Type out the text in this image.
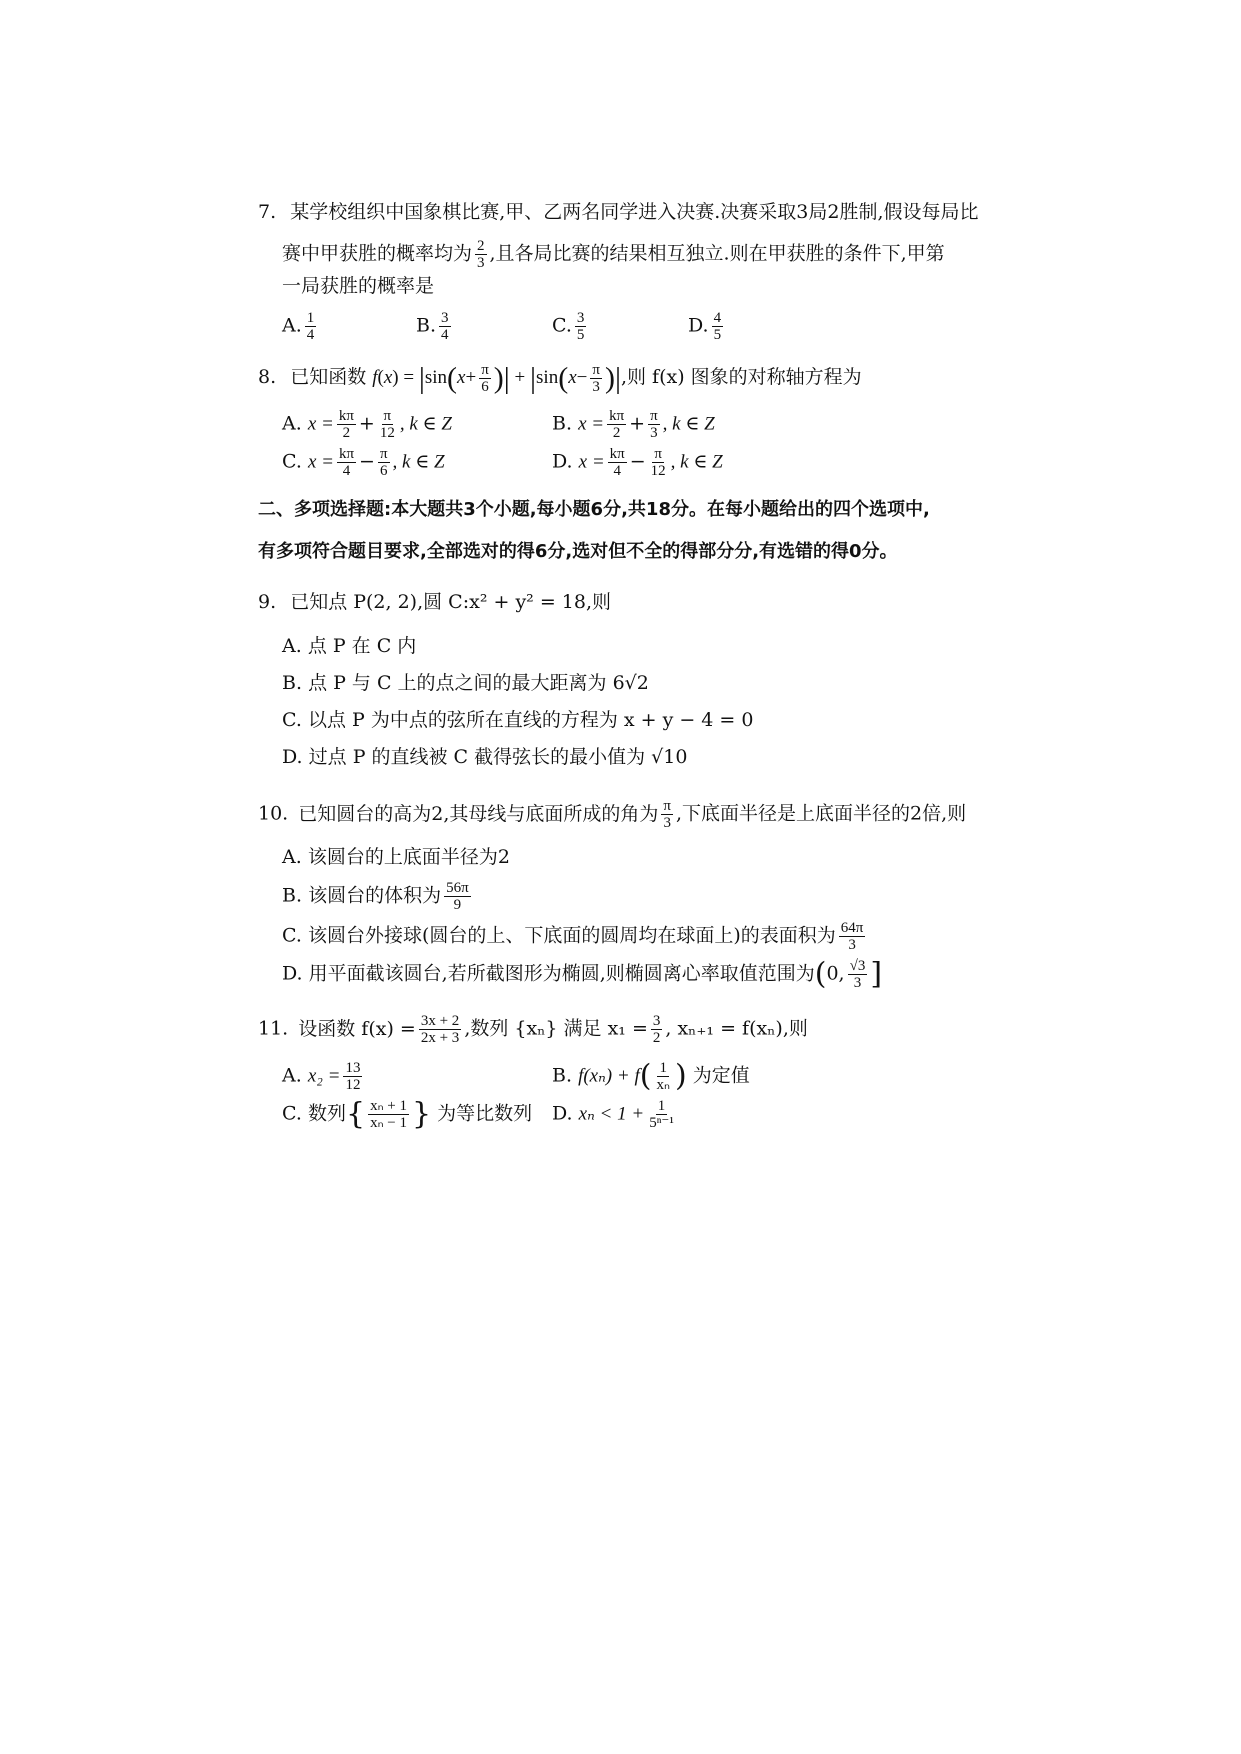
7. 某学校组织中国象棋比赛,甲、乙两名同学进入决赛.决赛采取3局2胜制,假设每局比
赛中甲获胜的概率均为 $\frac{2}{3}$ ,且各局比赛的结果相互独立.则在甲获胜的条件下,甲第
一局获胜的概率是
A. $\frac{1}{4}$	B. $\frac{3}{4}$	C. $\frac{3}{5}$	D. $\frac{4}{5}$
8. 已知函数 $f(x) = |\sin(x+ \frac{\pi}{6}$ )| + $|\sin(x- \frac{\pi}{3}$ )|,则 f(x) 图象的对称轴方程为
A. $x = \frac{k\pi}{2} + \frac{\pi}{12}$ , k ∈ Z	B. $x = \frac{k\pi}{2} + \frac{\pi}{3}$ , k ∈ Z
C. $x = \frac{k\pi}{4} - \frac{\pi}{6}$ , k ∈ Z	D. $x = \frac{k\pi}{4} - \frac{\pi}{12}$ , k ∈ Z
二、多项选择题:本大题共3个小题,每小题6分,共18分。在每小题给出的四个选项中,
有多项符合题目要求,全部选对的得6分,选对但不全的得部分分,有选错的得0分。
9. 已知点 P(2, 2),圆 C:x² + y² = 18,则
A. 点 P 在 C 内
B. 点 P 与 C 上的点之间的最大距离为 6√2
C. 以点 P 为中点的弦所在直线的方程为 x + y − 4 = 0
D. 过点 P 的直线被 C 截得弦长的最小值为 √10
10. 已知圆台的高为2,其母线与底面所成的角为 $\frac{\pi}{3}$ ,下底面半径是上底面半径的2倍,则
A. 该圆台的上底面半径为2
B. 该圆台的体积为 $\frac{56\pi}{9}$
C. 该圆台外接球(圆台的上、下底面的圆周均在球面上)的表面积为 $\frac{64\pi}{3}$
D. 用平面截该圆台,若所截图形为椭圆,则椭圆离心率取值范围为(0, $\frac{√3}{3}$ ]
11. 设函数 $f(x) = \frac{3x + 2}{2x + 3}$ ,数列 {xₙ} 满足 $x_1 = \frac{3}{2}$ , xₙ₊₁ = f(xₙ),则
A. $x_2 = \frac{13}{12}$	B. $f(x_n) + f( \frac{1}{\text{xₙ}}$ ) 为定值
C. 数列{ $\frac{\text{xₙ + 1}}{\text{xₙ − 1}}$ } 为等比数列 D. $x_n < 1 + \frac{1}{\text{5ⁿ⁻¹}}$
